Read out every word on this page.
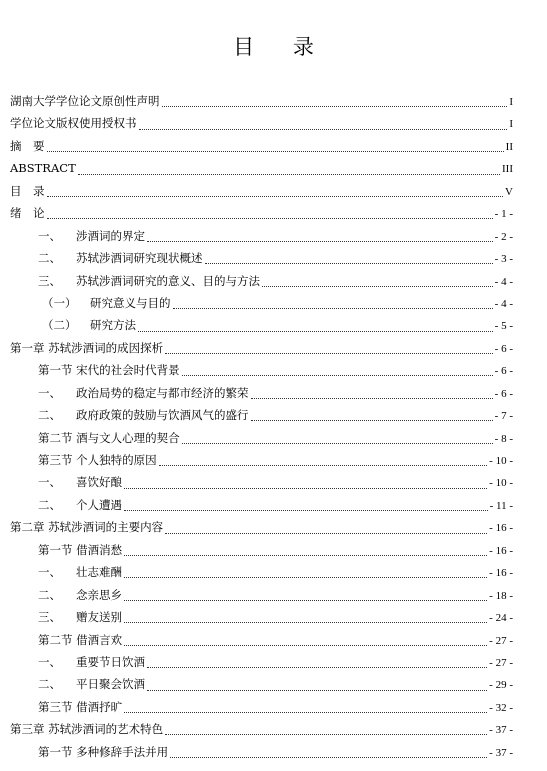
目 录
湖南大学学位论文原创性声明	I
学位论文版权使用授权书	I
摘　要	II
ABSTRACT	III
目　录	V
绪　论	- 1 -
一、 涉酒词的界定	- 2 -
二、 苏轼涉酒词研究现状概述	- 3 -
三、 苏轼涉酒词研究的意义、目的与方法	- 4 -
（一） 研究意义与目的	- 4 -
（二） 研究方法	- 5 -
第一章 苏轼涉酒词的成因探析	- 6 -
第一节 宋代的社会时代背景	- 6 -
一、 政治局势的稳定与都市经济的繁荣	- 6 -
二、 政府政策的鼓励与饮酒风气的盛行	- 7 -
第二节 酒与文人心理的契合	- 8 -
第三节 个人独特的原因	- 10 -
一、 喜饮好酿	- 10 -
二、 个人遭遇	- 11 -
第二章 苏轼涉酒词的主要内容	- 16 -
第一节 借酒消愁	- 16 -
一、 壮志难酬	- 16 -
二、 念亲思乡	- 18 -
三、 赠友送别	- 24 -
第二节 借酒言欢	- 27 -
一、 重要节日饮酒	- 27 -
二、 平日聚会饮酒	- 29 -
第三节 借酒抒旷	- 32 -
第三章 苏轼涉酒词的艺术特色	- 37 -
第一节 多种修辞手法并用	- 37 -
